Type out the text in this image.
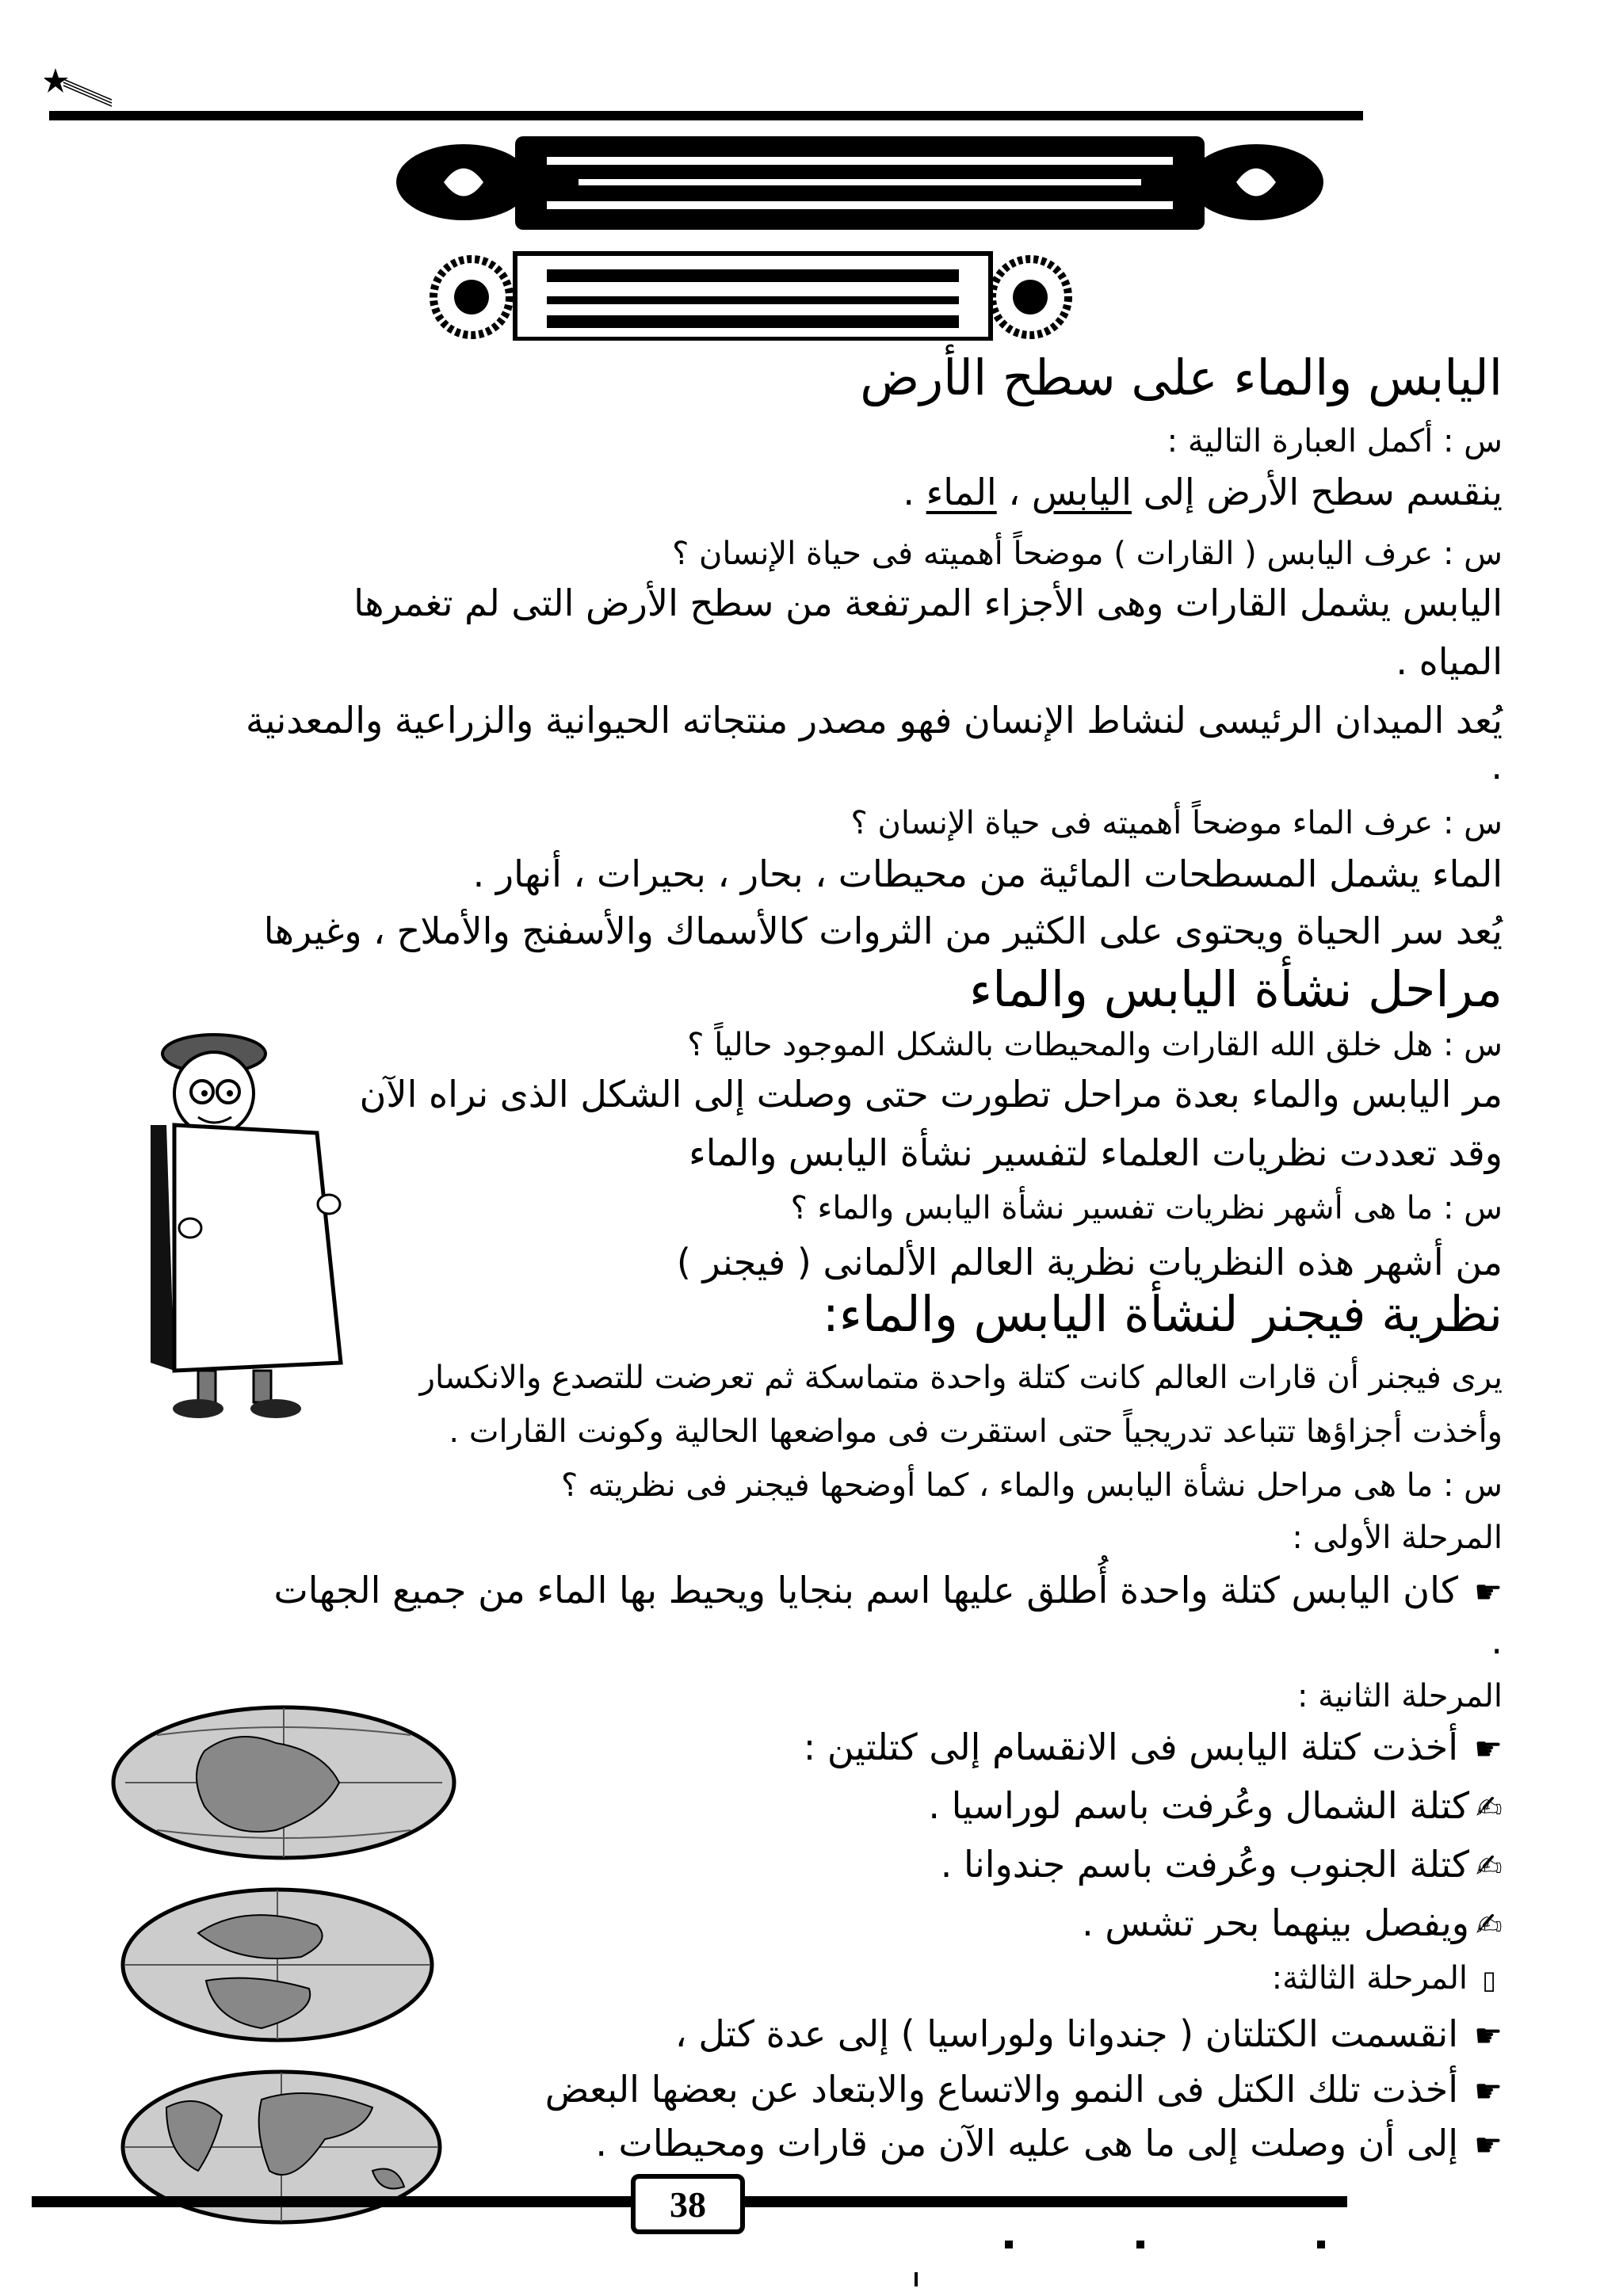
اليابس والماء على سطح الأرض
س : أكمل العبارة التالية :
ينقسم سطح الأرض إلى اليابس ، الماء .
س : عرف اليابس ( القارات ) موضحاً أهميته فى حياة الإنسان ؟
اليابس يشمل القارات وهى الأجزاء المرتفعة من سطح الأرض التى لم تغمرها
المياه .
يُعد الميدان الرئيسى لنشاط الإنسان فهو مصدر منتجاته الحيوانية والزراعية والمعدنية
.
س : عرف الماء موضحاً أهميته فى حياة الإنسان ؟
الماء يشمل المسطحات المائية من محيطات ، بحار ، بحيرات ، أنهار .
يُعد سر الحياة ويحتوى على الكثير من الثروات كالأسماك والأسفنج والأملاح ، وغيرها
مراحل نشأة اليابس والماء
س : هل خلق الله القارات والمحيطات بالشكل الموجود حالياً ؟
مر اليابس والماء بعدة مراحل تطورت حتى وصلت إلى الشكل الذى نراه الآن
وقد تعددت نظريات العلماء لتفسير نشأة اليابس والماء
س : ما هى أشهر نظريات تفسير نشأة اليابس والماء ؟
من أشهر هذه النظريات نظرية العالم الألمانى ( فيجنر )
نظرية فيجنر لنشأة اليابس والماء:
يرى فيجنر أن قارات العالم كانت كتلة واحدة متماسكة ثم تعرضت للتصدع والانكسار
وأخذت أجزاؤها تتباعد تدريجياً حتى استقرت فى مواضعها الحالية وكونت القارات .
س : ما هى مراحل نشأة اليابس والماء ، كما أوضحها فيجنر فى نظريته ؟
المرحلة الأولى :
☛كان اليابس كتلة واحدة أُطلق عليها اسم بنجايا ويحيط بها الماء من جميع الجهات
.
المرحلة الثانية :
☛أخذت كتلة اليابس فى الانقسام إلى كتلتين :
✍كتلة الشمال وعُرفت باسم لوراسيا .
✍كتلة الجنوب وعُرفت باسم جندوانا .
✍ويفصل بينهما بحر تشس .
▯المرحلة الثالثة:
☛انقسمت الكتلتان ( جندوانا ولوراسيا ) إلى عدة كتل ،
☛أخذت تلك الكتل فى النمو والاتساع والابتعاد عن بعضها البعض
☛إلى أن وصلت إلى ما هى عليه الآن من قارات ومحيطات .
38
